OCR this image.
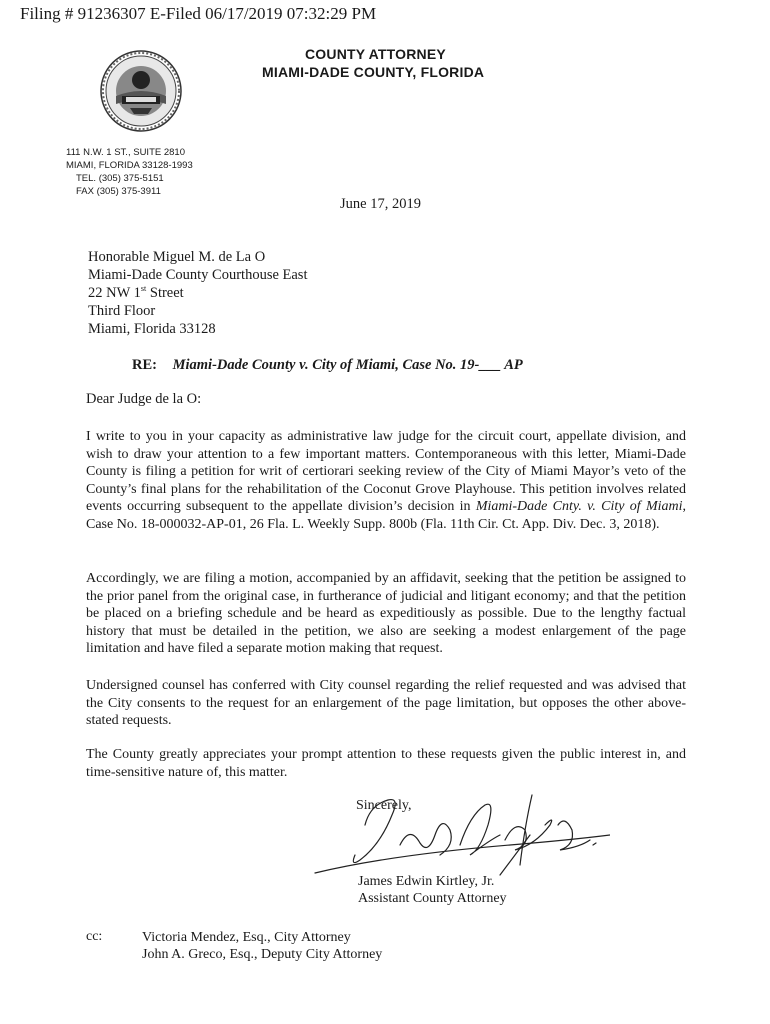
Filing # 91236307 E-Filed 06/17/2019 07:32:29 PM
COUNTY ATTORNEY
MIAMI-DADE COUNTY, FLORIDA
111 N.W. 1 ST., SUITE 2810
MIAMI, FLORIDA 33128-1993
TEL. (305) 375-5151
FAX (305) 375-3911
June 17, 2019
Honorable Miguel M. de La O
Miami-Dade County Courthouse East
22 NW 1st Street
Third Floor
Miami, Florida 33128
RE: Miami-Dade County v. City of Miami, Case No. 19-___ AP
Dear Judge de la O:
I write to you in your capacity as administrative law judge for the circuit court, appellate division, and wish to draw your attention to a few important matters. Contemporaneous with this letter, Miami-Dade County is filing a petition for writ of certiorari seeking review of the City of Miami Mayor’s veto of the County’s final plans for the rehabilitation of the Coconut Grove Playhouse. This petition involves related events occurring subsequent to the appellate division’s decision in Miami-Dade Cnty. v. City of Miami, Case No. 18-000032-AP-01, 26 Fla. L. Weekly Supp. 800b (Fla. 11th Cir. Ct. App. Div. Dec. 3, 2018).
Accordingly, we are filing a motion, accompanied by an affidavit, seeking that the petition be assigned to the prior panel from the original case, in furtherance of judicial and litigant economy; and that the petition be placed on a briefing schedule and be heard as expeditiously as possible. Due to the lengthy factual history that must be detailed in the petition, we also are seeking a modest enlargement of the page limitation and have filed a separate motion making that request.
Undersigned counsel has conferred with City counsel regarding the relief requested and was advised that the City consents to the request for an enlargement of the page limitation, but opposes the other above-stated requests.
The County greatly appreciates your prompt attention to these requests given the public interest in, and time-sensitive nature of, this matter.
Sincerely,
James Edwin Kirtley, Jr.
Assistant County Attorney
cc:	Victoria Mendez, Esq., City Attorney
John A. Greco, Esq., Deputy City Attorney
